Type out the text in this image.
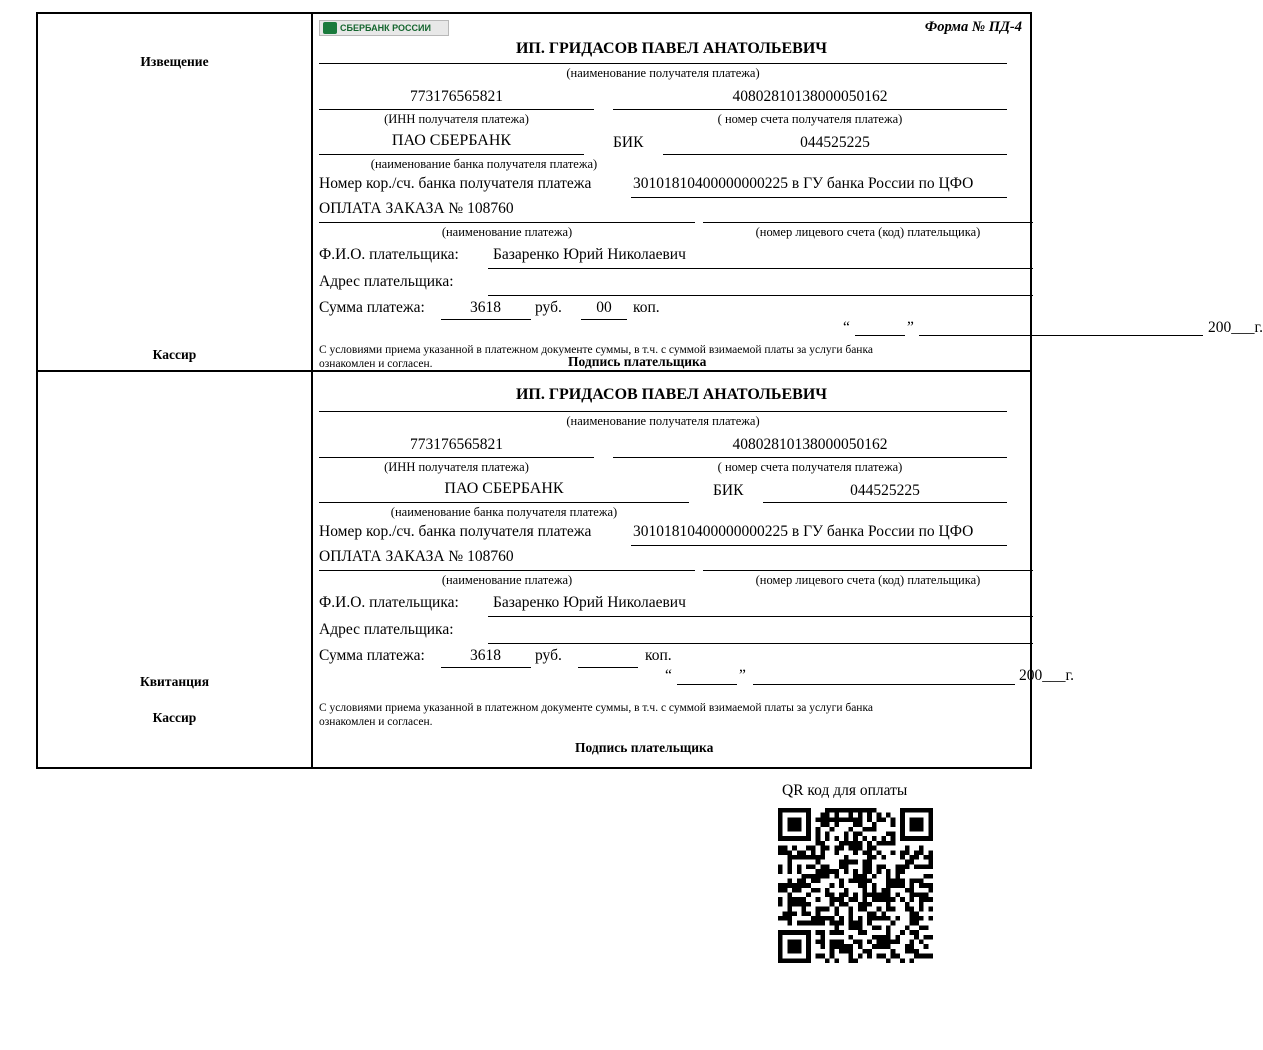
Извещение
Кассир
СБЕРБАНК РОССИИ	Форма № ПД-4
ИП. ГРИДАСОВ ПАВЕЛ АНАТОЛЬЕВИЧ
(наименование получателя платежа)
773176565821
(ИНН получателя платежа)
40802810138000050162
( номер счета получателя платежа)
ПАО СБЕРБАНК
(наименование банка получателя платежа)
БИК	044525225
Номер кор./сч. банка получателя платежа	30101810400000000225 в ГУ банка России по ЦФО
ОПЛАТА ЗАКАЗА № 108760
(наименование платежа)	(номер лицевого счета (код) плательщика)
Ф.И.О. плательщика: Базаренко Юрий Николаевич
Адрес плательщика:
Сумма платежа:	3618	руб.	00	коп.
“	”	200___г.
С условиями приема указанной в платежном документе суммы, в т.ч. с суммой взимаемой платы за услуги банка
ознакомлен и согласен.	Подпись плательщика
Квитанция
Кассир
ИП. ГРИДАСОВ ПАВЕЛ АНАТОЛЬЕВИЧ
(наименование получателя платежа)
773176565821
(ИНН получателя платежа)
40802810138000050162
( номер счета получателя платежа)
ПАО СБЕРБАНК
(наименование банка получателя платежа)
БИК	044525225
Номер кор./сч. банка получателя платежа	30101810400000000225 в ГУ банка России по ЦФО
ОПЛАТА ЗАКАЗА № 108760
(наименование платежа)	(номер лицевого счета (код) плательщика)
Ф.И.О. плательщика: Базаренко Юрий Николаевич
Адрес плательщика:
Сумма платежа:	3618	руб.	коп.
“	”	200___г.
С условиями приема указанной в платежном документе суммы, в т.ч. с суммой взимаемой платы за услуги банка
ознакомлен и согласен.
Подпись плательщика
QR код для оплаты
